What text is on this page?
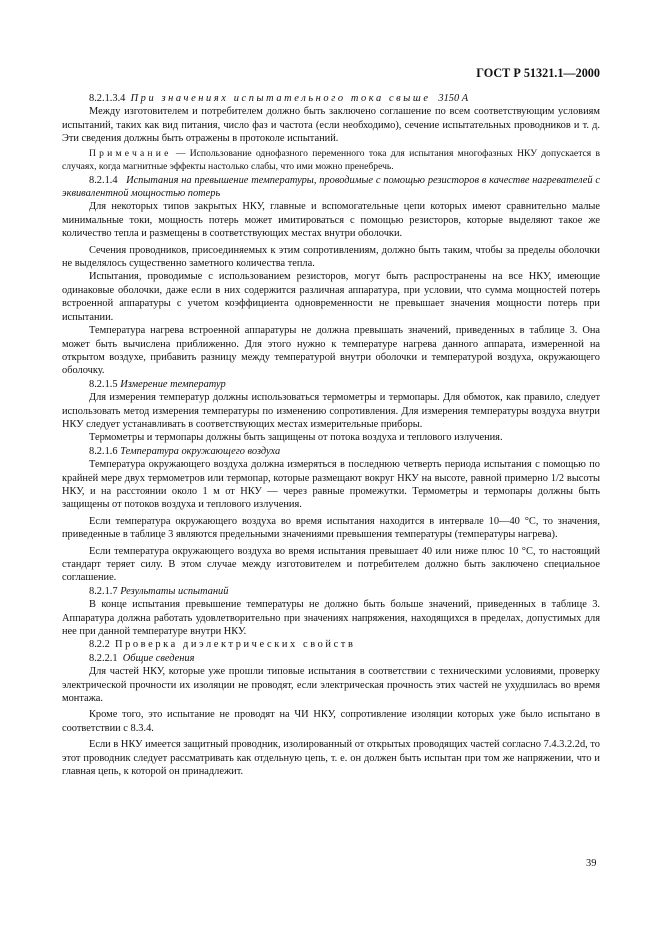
ГОСТ Р 51321.1—2000

8.2.1.3.4 При значениях испытательного тока свыше 3150 А

Между изготовителем и потребителем должно быть заключено соглашение по всем соответствующим условиям испытаний, таких как вид питания, число фаз и частота (если необходимо), сечение испытательных проводников и т. д. Эти сведения должны быть отражены в протоколе испытаний.

Примечание — Использование однофазного переменного тока для испытания многофазных НКУ допускается в случаях, когда магнитные эффекты настолько слабы, что ими можно пренебречь.

8.2.1.4 Испытания на превышение температуры, проводимые с помощью резисторов в качестве нагревателей с эквивалентной мощностью потерь

Для некоторых типов закрытых НКУ, главные и вспомогательные цепи которых имеют сравнительно малые минимальные токи, мощность потерь может имитироваться с помощью резисторов, которые выделяют такое же количество тепла и размещены в соответствующих местах внутри оболочки.

Сечения проводников, присоединяемых к этим сопротивлениям, должно быть таким, чтобы за пределы оболочки не выделялось существенно заметного количества тепла.

Испытания, проводимые с использованием резисторов, могут быть распространены на все НКУ, имеющие одинаковые оболочки, даже если в них содержится различная аппаратура, при условии, что сумма мощностей потерь встроенной аппаратуры с учетом коэффициента одновременности не превышает значения мощности потерь при испытании.

Температура нагрева встроенной аппаратуры не должна превышать значений, приведенных в таблице 3. Она может быть вычислена приближенно. Для этого нужно к температуре нагрева данного аппарата, измеренной на открытом воздухе, прибавить разницу между температурой внутри оболочки и температурой воздуха, окружающего оболочку.

8.2.1.5 Измерение температур

Для измерения температур должны использоваться термометры и термопары. Для обмоток, как правило, следует использовать метод измерения температуры по изменению сопротивления. Для измерения температуры воздуха внутри НКУ следует устанавливать в соответствующих местах измерительные приборы.

Термометры и термопары должны быть защищены от потока воздуха и теплового излучения.

8.2.1.6 Температура окружающего воздуха

Температура окружающего воздуха должна измеряться в последнюю четверть периода испытания с помощью по крайней мере двух термометров или термопар, которые размещают вокруг НКУ на высоте, равной примерно 1/2 высоты НКУ, и на расстоянии около 1 м от НКУ — через равные промежутки. Термометры и термопары должны быть защищены от потоков воздуха и теплового излучения.

Если температура окружающего воздуха во время испытания находится в интервале 10—40 °С, то значения, приведенные в таблице 3 являются предельными значениями превышения температуры (температуры нагрева).

Если температура окружающего воздуха во время испытания превышает 40 или ниже плюс 10 °С, то настоящий стандарт теряет силу. В этом случае между изготовителем и потребителем должно быть заключено специальное соглашение.

8.2.1.7 Результаты испытаний

В конце испытания превышение температуры не должно быть больше значений, приведенных в таблице 3. Аппаратура должна работать удовлетворительно при значениях напряжения, находящихся в пределах, допустимых для нее при данной температуре внутри НКУ.

8.2.2 Проверка диэлектрических свойств

8.2.2.1 Общие сведения

Для частей НКУ, которые уже прошли типовые испытания в соответствии с техническими условиями, проверку электрической прочности их изоляции не проводят, если электрическая прочность этих частей не ухудшилась во время монтажа.

Кроме того, это испытание не проводят на ЧИ НКУ, сопротивление изоляции которых уже было испытано в соответствии с 8.3.4.

Если в НКУ имеется защитный проводник, изолированный от открытых проводящих частей согласно 7.4.3.2.2d, то этот проводник следует рассматривать как отдельную цепь, т. е. он должен быть испытан при том же напряжении, что и главная цепь, к которой он принадлежит.

39
